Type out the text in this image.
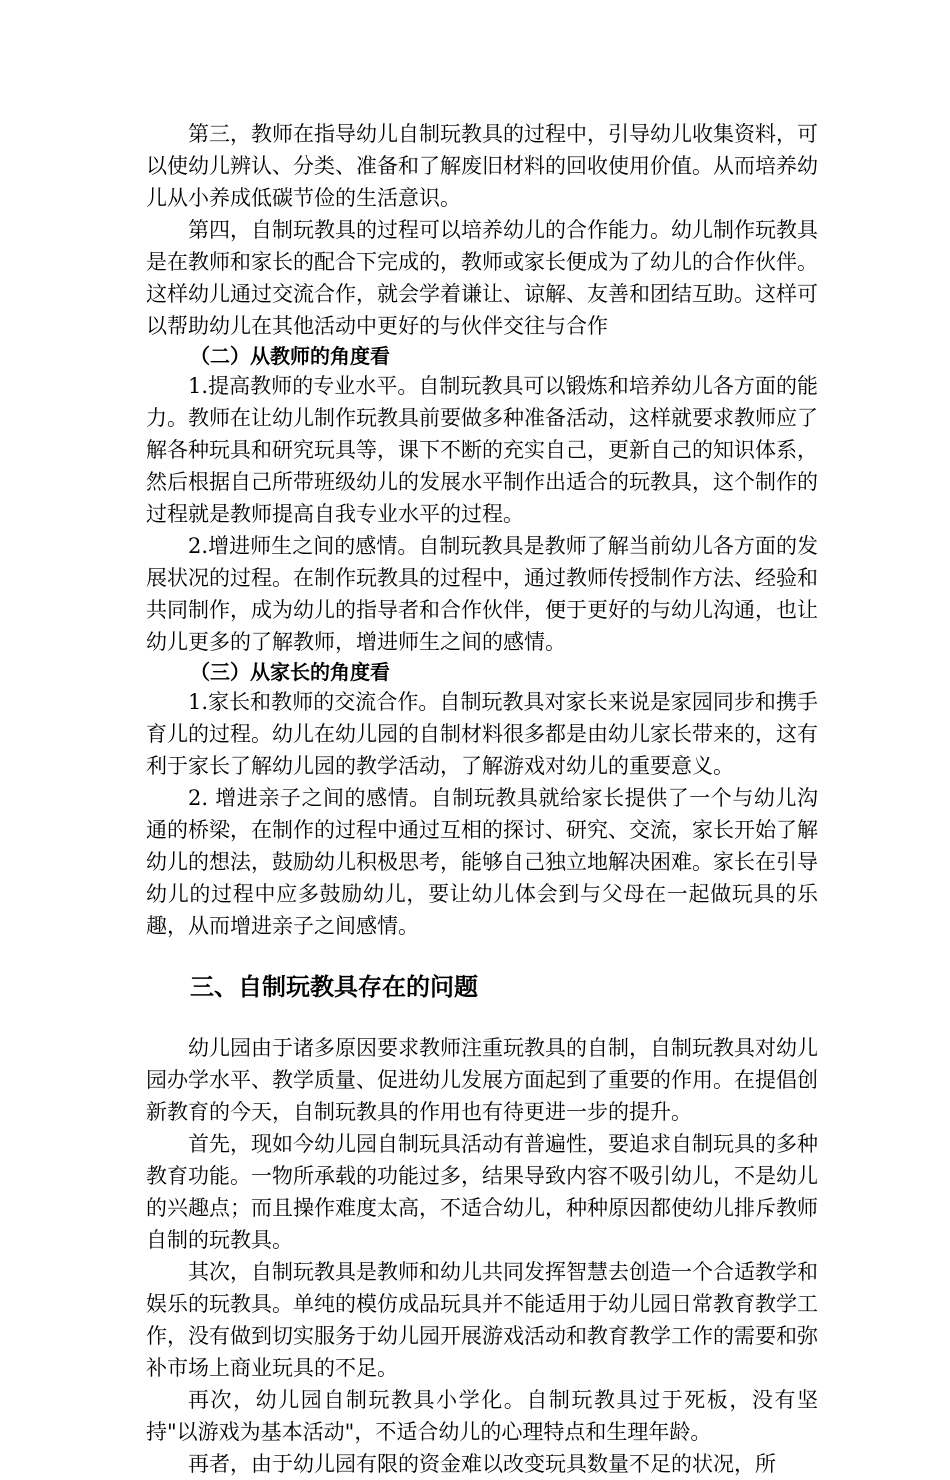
第三，教师在指导幼儿自制玩教具的过程中，引导幼儿收集资料，可以使幼儿辨认、分类、准备和了解废旧材料的回收使用价值。从而培养幼儿从小养成低碳节俭的生活意识。

第四，自制玩教具的过程可以培养幼儿的合作能力。幼儿制作玩教具是在教师和家长的配合下完成的，教师或家长便成为了幼儿的合作伙伴。这样幼儿通过交流合作，就会学着谦让、谅解、友善和团结互助。这样可以帮助幼儿在其他活动中更好的与伙伴交往与合作

（二）从教师的角度看

1.提高教师的专业水平。自制玩教具可以锻炼和培养幼儿各方面的能力。教师在让幼儿制作玩教具前要做多种准备活动，这样就要求教师应了解各种玩具和研究玩具等，课下不断的充实自己，更新自己的知识体系，然后根据自己所带班级幼儿的发展水平制作出适合的玩教具，这个制作的过程就是教师提高自我专业水平的过程。

2.增进师生之间的感情。自制玩教具是教师了解当前幼儿各方面的发展状况的过程。在制作玩教具的过程中，通过教师传授制作方法、经验和共同制作，成为幼儿的指导者和合作伙伴，便于更好的与幼儿沟通，也让幼儿更多的了解教师，增进师生之间的感情。

（三）从家长的角度看

1.家长和教师的交流合作。自制玩教具对家长来说是家园同步和携手育儿的过程。幼儿在幼儿园的自制材料很多都是由幼儿家长带来的，这有利于家长了解幼儿园的教学活动，了解游戏对幼儿的重要意义。

2. 增进亲子之间的感情。自制玩教具就给家长提供了一个与幼儿沟通的桥梁，在制作的过程中通过互相的探讨、研究、交流，家长开始了解幼儿的想法，鼓励幼儿积极思考，能够自己独立地解决困难。家长在引导幼儿的过程中应多鼓励幼儿，要让幼儿体会到与父母在一起做玩具的乐趣，从而增进亲子之间感情。

三、自制玩教具存在的问题

幼儿园由于诸多原因要求教师注重玩教具的自制，自制玩教具对幼儿园办学水平、教学质量、促进幼儿发展方面起到了重要的作用。在提倡创新教育的今天，自制玩教具的作用也有待更进一步的提升。

首先，现如今幼儿园自制玩具活动有普遍性，要追求自制玩具的多种教育功能。一物所承载的功能过多，结果导致内容不吸引幼儿，不是幼儿的兴趣点；而且操作难度太高，不适合幼儿，种种原因都使幼儿排斥教师自制的玩教具。

其次，自制玩教具是教师和幼儿共同发挥智慧去创造一个合适教学和娱乐的玩教具。单纯的模仿成品玩具并不能适用于幼儿园日常教育教学工作，没有做到切实服务于幼儿园开展游戏活动和教育教学工作的需要和弥补市场上商业玩具的不足。

再次，幼儿园自制玩教具小学化。自制玩教具过于死板，没有坚持"以游戏为基本活动"，不适合幼儿的心理特点和生理年龄。

再者，由于幼儿园有限的资金难以改变玩具数量不足的状况，所
